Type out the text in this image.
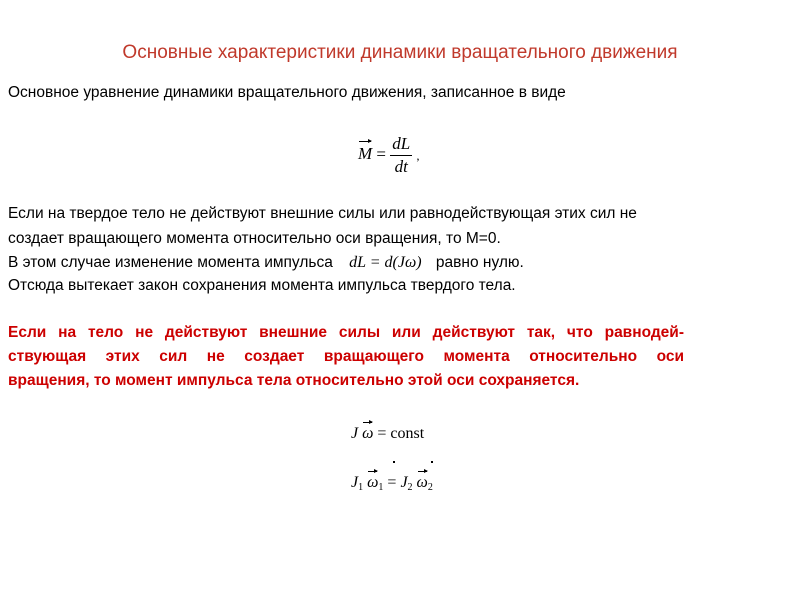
Основные характеристики динамики вращательного движения
Основное уравнение динамики вращательного движения, записанное в виде
$M = \frac{dL}{dt}$ ,
Если на твердое тело не действуют внешние силы или равнодействующая этих сил не
создает вращающего момента относительно оси вращения, то М=0.
В этом случае изменение момента импульса dL = d(Jω) равно нулю.
Отсюда вытекает закон сохранения момента импульса твердого тела.
Если на тело не действуют внешние силы или действуют так, что равнодей-
ствующая этих сил не создает вращающего момента относительно оси
вращения, то момент импульса тела относительно этой оси сохраняется.
J ω = const
$J_1$ $\omega_1 = J_2$ $\omega_2$
